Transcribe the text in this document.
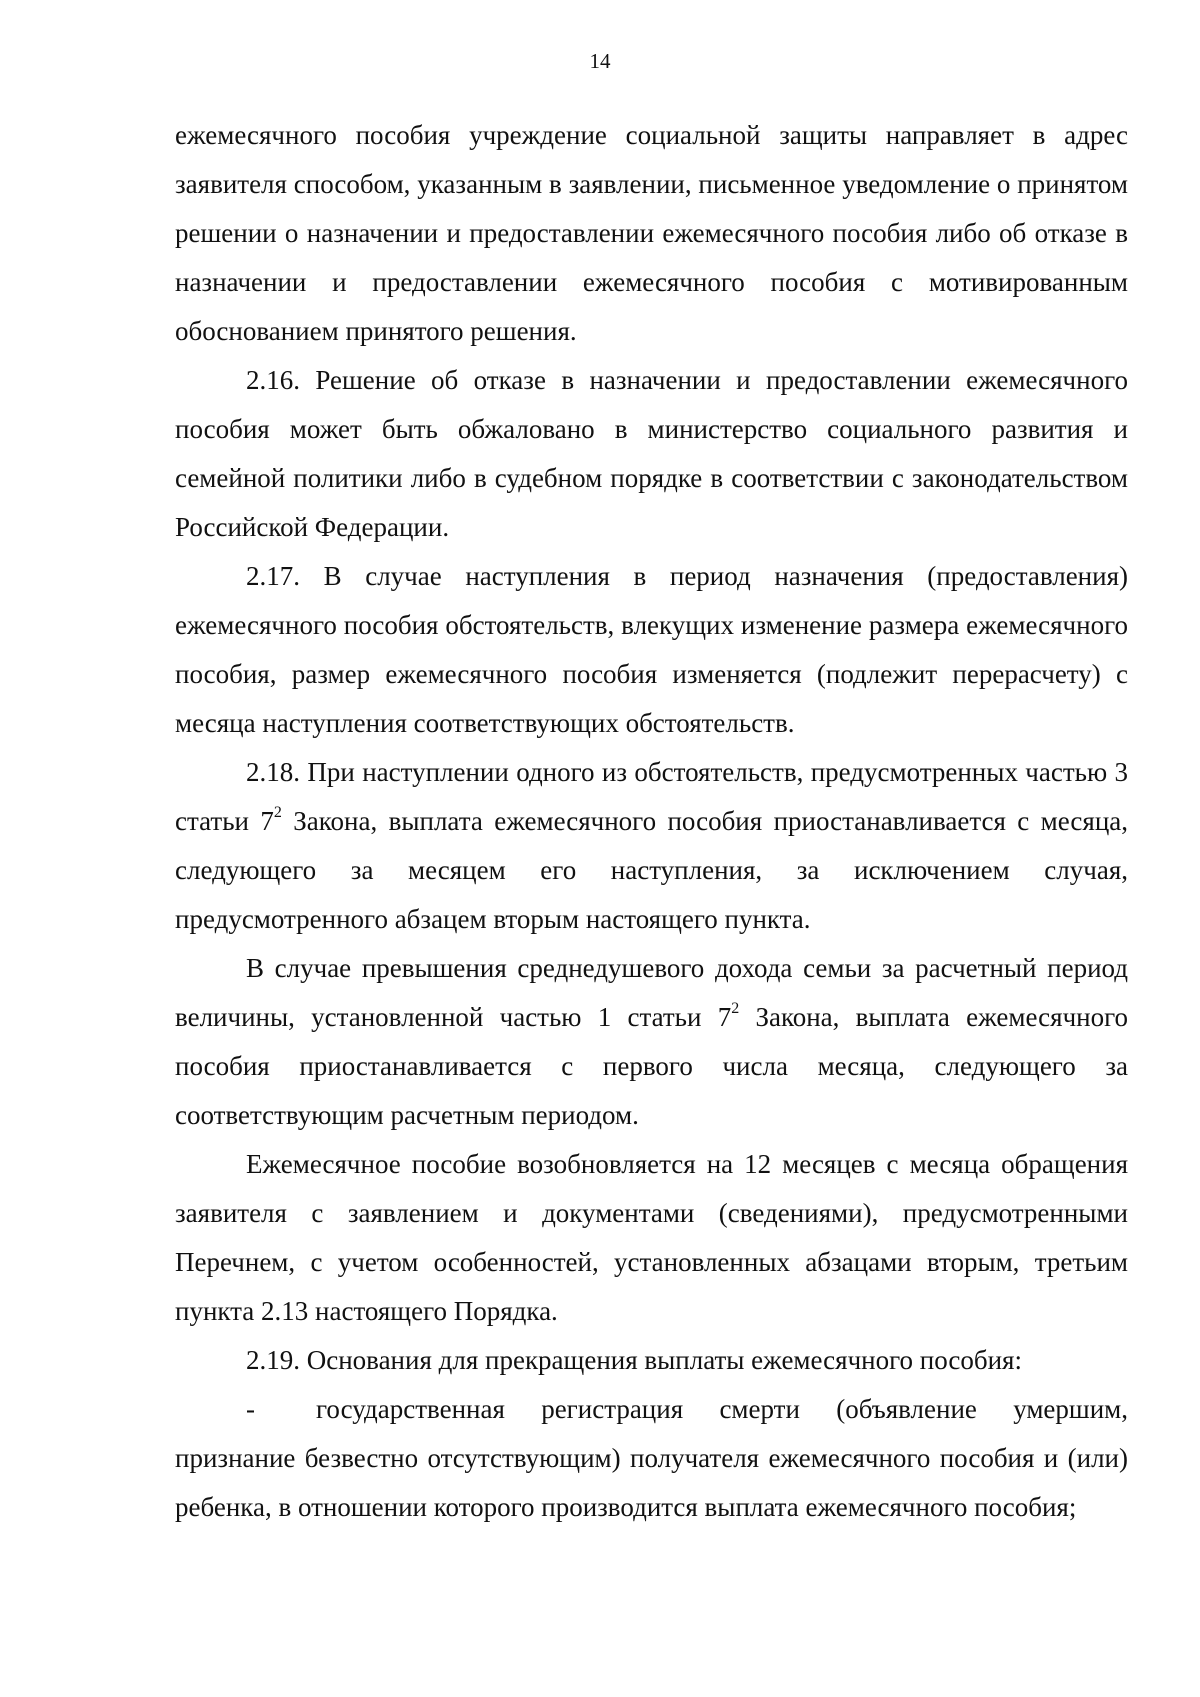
14

ежемесячного пособия учреждение социальной защиты направляет в адрес заявителя способом, указанным в заявлении, письменное уведомление о принятом решении о назначении и предоставлении ежемесячного пособия либо об отказе в назначении и предоставлении ежемесячного пособия с мотивированным обоснованием принятого решения.

2.16. Решение об отказе в назначении и предоставлении ежемесячного пособия может быть обжаловано в министерство социального развития и семейной политики либо в судебном порядке в соответствии с законодательством Российской Федерации.

2.17. В случае наступления в период назначения (предоставления) ежемесячного пособия обстоятельств, влекущих изменение размера ежемесячного пособия, размер ежемесячного пособия изменяется (подлежит перерасчету) с месяца наступления соответствующих обстоятельств.

2.18. При наступлении одного из обстоятельств, предусмотренных частью 3 статьи $7^2$ Закона, выплата ежемесячного пособия приостанавливается с месяца, следующего за месяцем его наступления, за исключением случая, предусмотренного абзацем вторым настоящего пункта.

В случае превышения среднедушевого дохода семьи за расчетный период величины, установленной частью 1 статьи $7^2$ Закона, выплата ежемесячного пособия приостанавливается с первого числа месяца, следующего за соответствующим расчетным периодом.

Ежемесячное пособие возобновляется на 12 месяцев с месяца обращения заявителя с заявлением и документами (сведениями), предусмотренными Перечнем, с учетом особенностей, установленных абзацами вторым, третьим пункта 2.13 настоящего Порядка.

2.19. Основания для прекращения выплаты ежемесячного пособия:

- государственная регистрация смерти (объявление умершим, признание безвестно отсутствующим) получателя ежемесячного пособия и (или) ребенка, в отношении которого производится выплата ежемесячного пособия;
